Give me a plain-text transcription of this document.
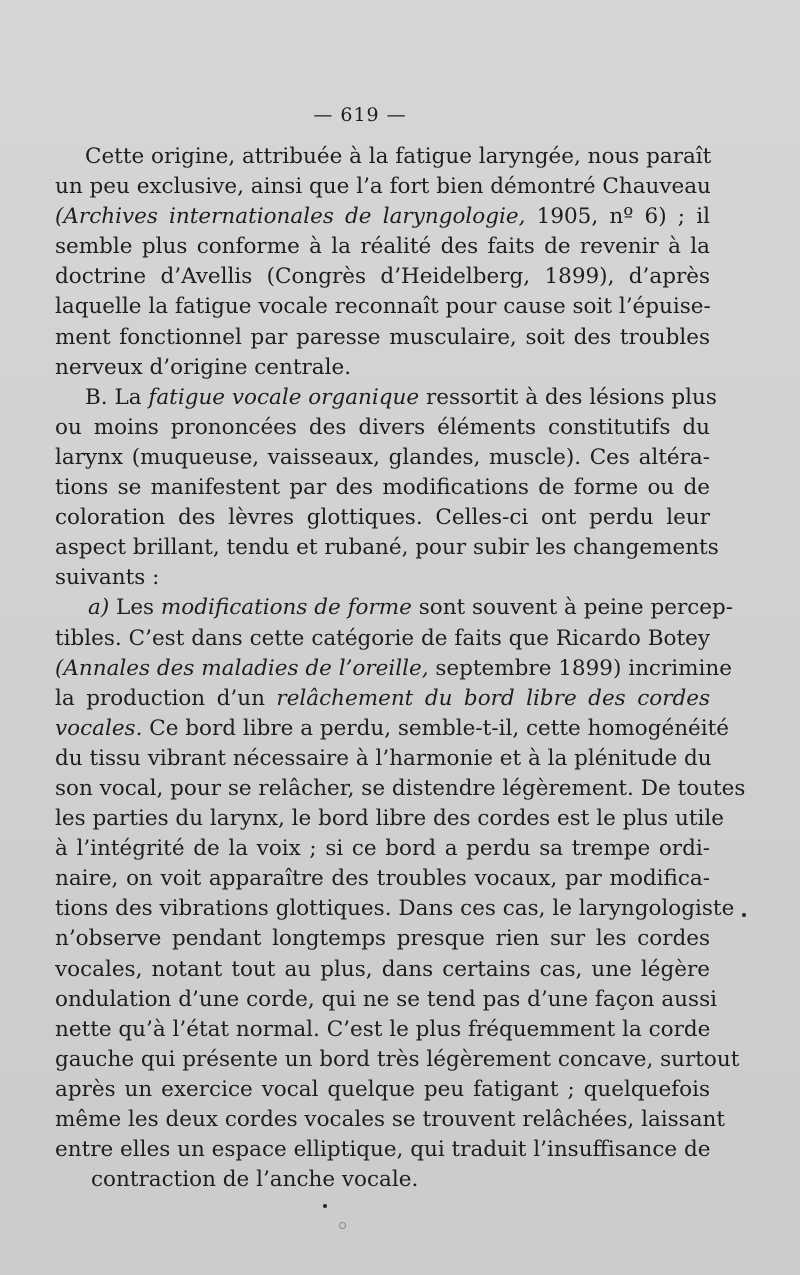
— 619 —
Cette origine, attribuée à la fatigue laryngée, nous paraît
un peu exclusive, ainsi que l’a fort bien démontré Chauveau
(Archives internationales de laryngologie, 1905, nº 6) ; il
semble plus conforme à la réalité des faits de revenir à la
doctrine d’Avellis (Congrès d’Heidelberg, 1899), d’après
laquelle la fatigue vocale reconnaît pour cause soit l’épuise-
ment fonctionnel par paresse musculaire, soit des troubles
nerveux d’origine centrale.
B. La fatigue vocale organique ressortit à des lésions plus
ou moins prononcées des divers éléments constitutifs du
larynx (muqueuse, vaisseaux, glandes, muscle). Ces altéra-
tions se manifestent par des modifications de forme ou de
coloration des lèvres glottiques. Celles-ci ont perdu leur
aspect brillant, tendu et rubané, pour subir les changements
suivants :
a) Les modifications de forme sont souvent à peine percep-
tibles. C’est dans cette catégorie de faits que Ricardo Botey
(Annales des maladies de l’oreille, septembre 1899) incrimine
la production d’un relâchement du bord libre des cordes
vocales. Ce bord libre a perdu, semble-t-il, cette homogénéité
du tissu vibrant nécessaire à l’harmonie et à la plénitude du
son vocal, pour se relâcher, se distendre légèrement. De toutes
les parties du larynx, le bord libre des cordes est le plus utile
à l’intégrité de la voix ; si ce bord a perdu sa trempe ordi-
naire, on voit apparaître des troubles vocaux, par modifica-
tions des vibrations glottiques. Dans ces cas, le laryngologiste
n’observe pendant longtemps presque rien sur les cordes
vocales, notant tout au plus, dans certains cas, une légère
ondulation d’une corde, qui ne se tend pas d’une façon aussi
nette qu’à l’état normal. C’est le plus fréquemment la corde
gauche qui présente un bord très légèrement concave, surtout
après un exercice vocal quelque peu fatigant ; quelquefois
même les deux cordes vocales se trouvent relâchées, laissant
entre elles un espace elliptique, qui traduit l’insuffisance de
contraction de l’anche vocale.
